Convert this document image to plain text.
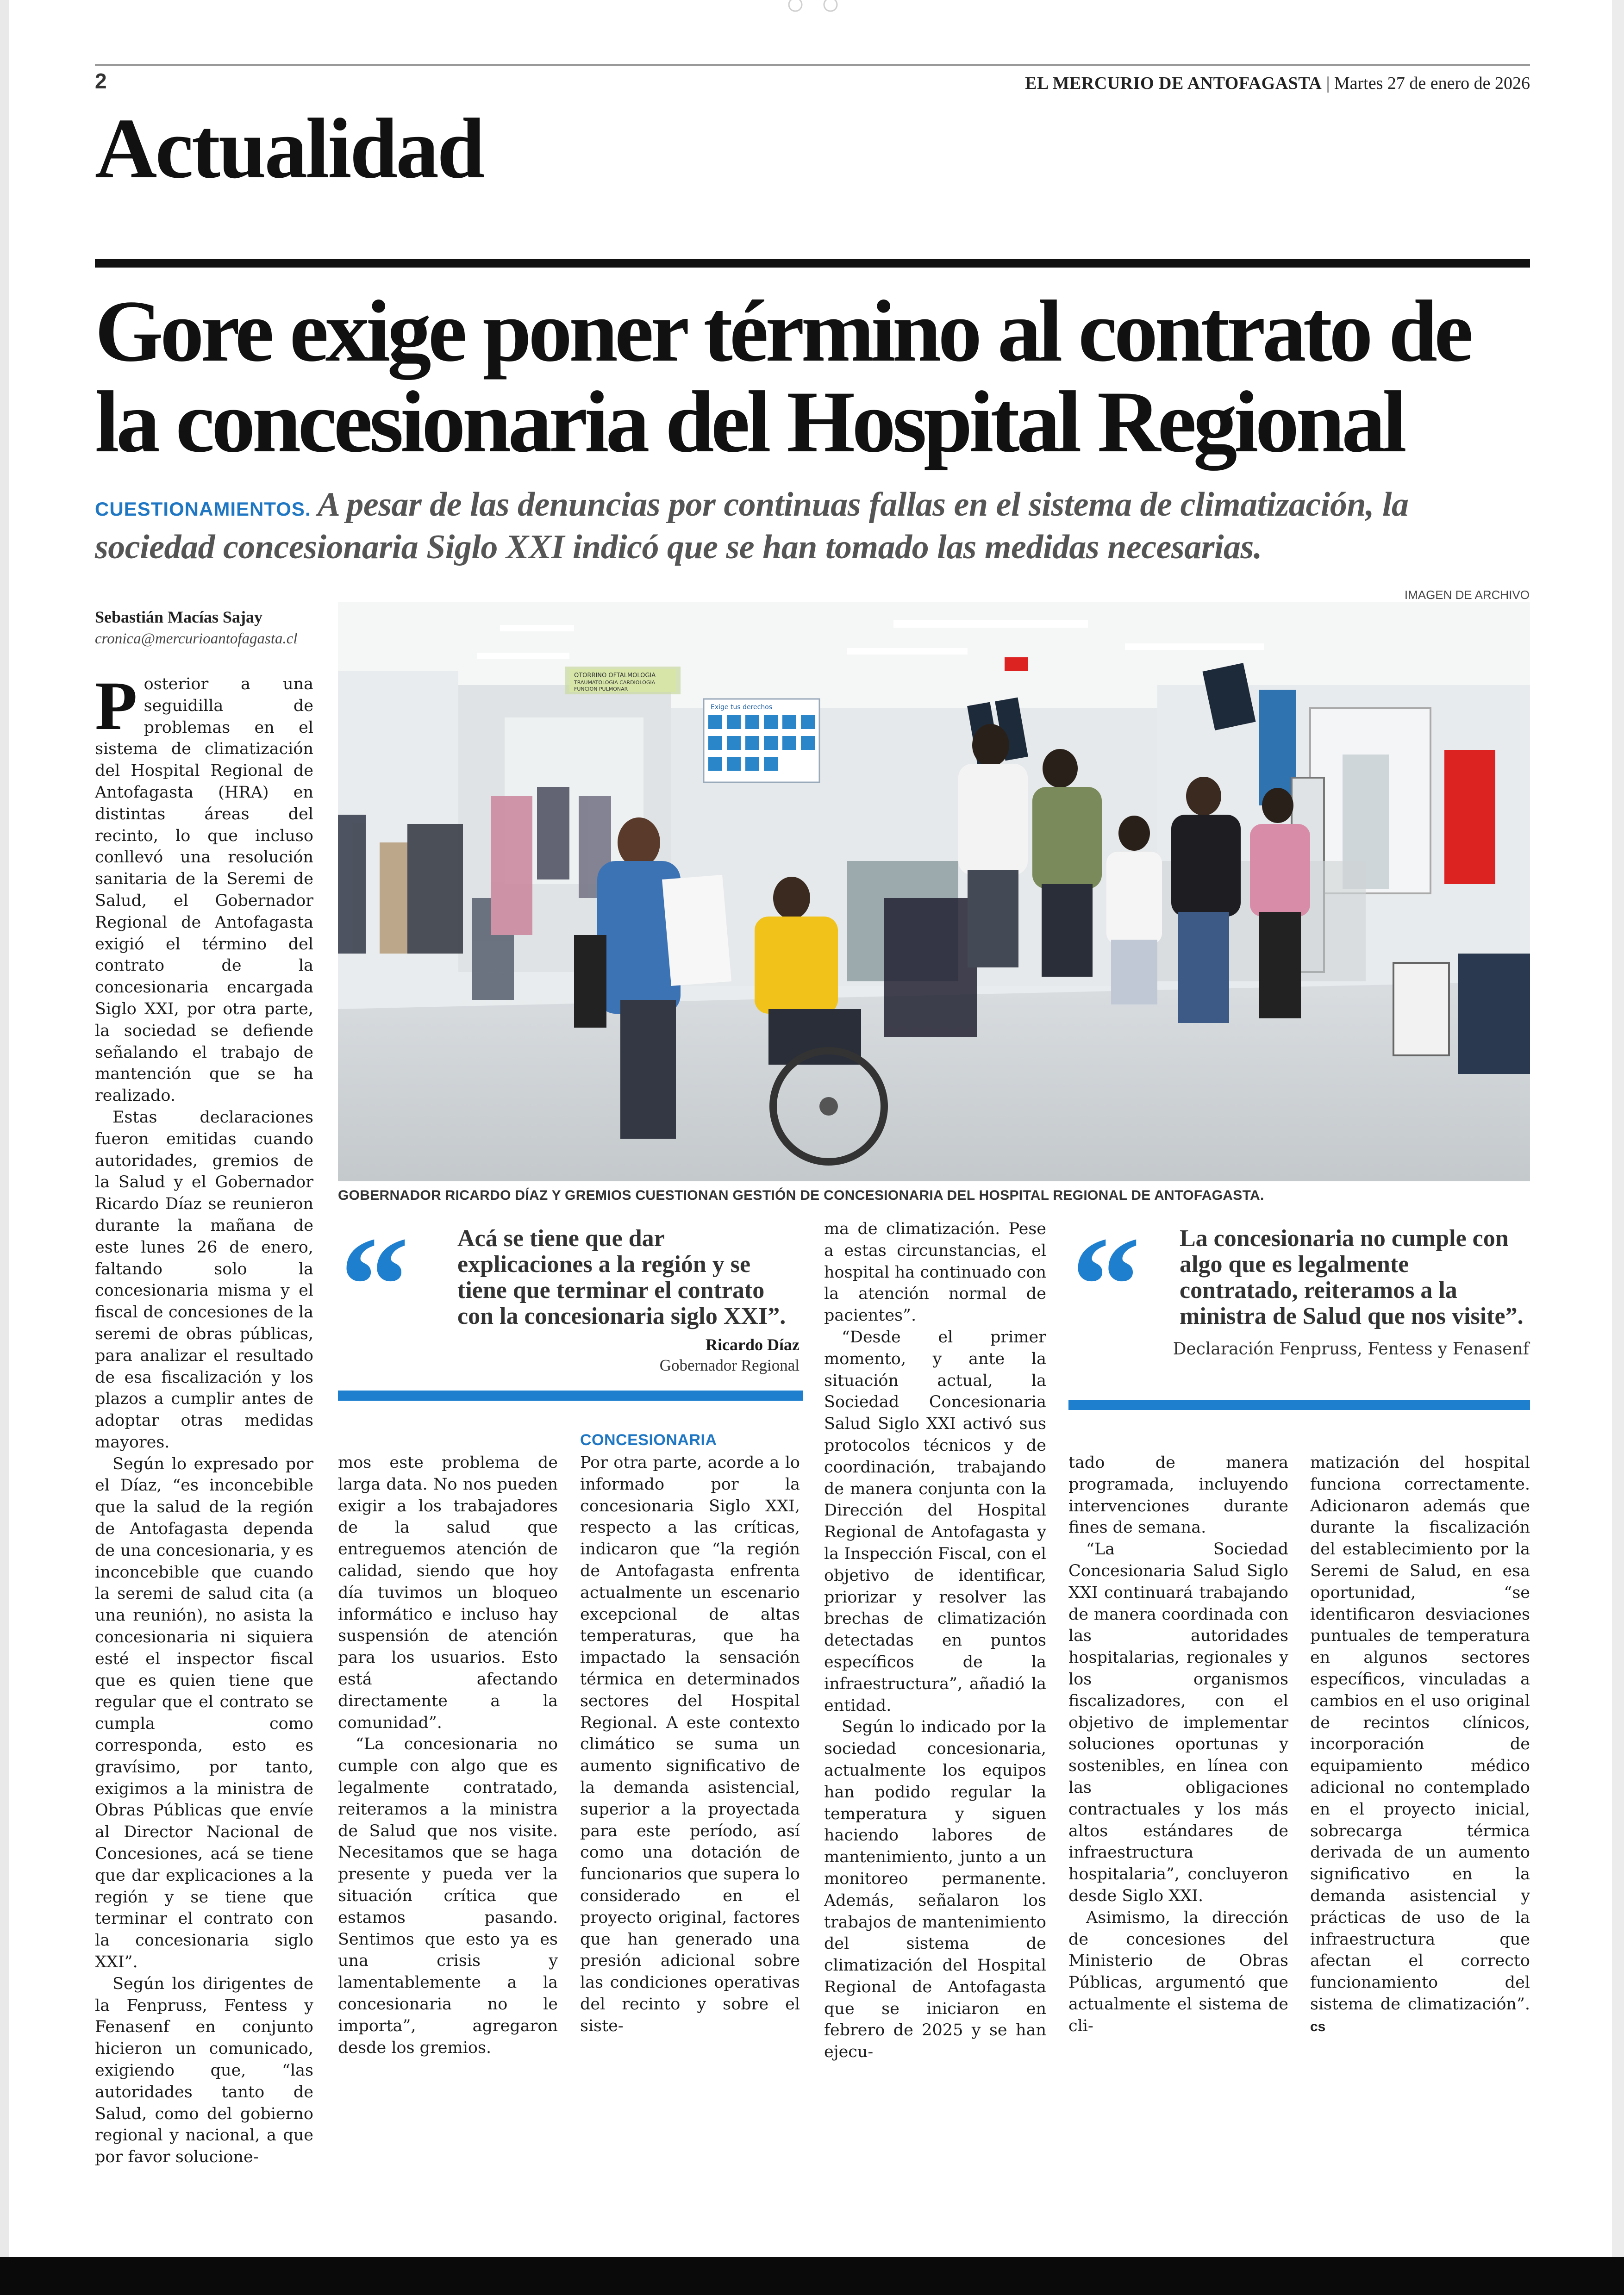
2	EL MERCURIO DE ANTOFAGASTA | Martes 27 de enero de 2026
Actualidad
Gore exige poner término al contrato de
la concesionaria del Hospital Regional
CUESTIONAMIENTOS. A pesar de las denuncias por continuas fallas en el sistema de climatización, la sociedad concesionaria Siglo XXI indicó que se han tomado las medidas necesarias.
Sebastián Macías Sajay
cronica@mercurioantofagasta.cl
IMAGEN DE ARCHIVO
OTORRINO OFTALMOLOGIA
TRAUMATOLOGIA CARDIOLOGIA
FUNCION PULMONAR
Exige tus derechos
GOBERNADOR RICARDO DÍAZ Y GREMIOS CUESTIONAN GESTIÓN DE CONCESIONARIA DEL HOSPITAL REGIONAL DE ANTOFAGASTA.

Posterior a una seguidilla de problemas en el sistema de climatización del Hospital Regional de Antofagasta (HRA) en distintas áreas del recinto, lo que incluso conllevó una resolución sanitaria de la Seremi de Salud, el Gobernador Regional de Antofagasta exigió el término del contrato de la concesionaria encargada Siglo XXI, por otra parte, la sociedad se defiende señalando el trabajo de mantención que se ha realizado.

Estas declaraciones fueron emitidas cuando autoridades, gremios de la Salud y el Gobernador Ricardo Díaz se reunieron durante la mañana de este lunes 26 de enero, faltando solo la concesionaria misma y el fiscal de concesiones de la seremi de obras públicas, para analizar el resultado de esa fiscalización y los plazos a cumplir antes de adoptar otras medidas mayores.

Según lo expresado por el Díaz, “es inconcebible que la salud de la región de Antofagasta dependa de una concesionaria, y es inconcebible que cuando la seremi de salud cita (a una reunión), no asista la concesionaria ni siquiera esté el inspector fiscal que es quien tiene que regular que el contrato se cumpla como corresponda, esto es gravísimo, por tanto, exigimos a la ministra de Obras Públicas que envíe al Director Nacional de Concesiones, acá se tiene que dar explicaciones a la región y se tiene que terminar el contrato con la concesionaria siglo XXI”.

Según los dirigentes de la Fenpruss, Fentess y Fenasenf en conjunto hicieron un comunicado, exigiendo que, “las autoridades tanto de Salud, como del gobierno regional y nacional, a que por favor solucione-

“ Acá se tiene que dar explicaciones a la región y se tiene que terminar el contrato con la concesionaria siglo XXI”.
Ricardo Díaz
Gobernador Regional
“ La concesionaria no cumple con algo que es legalmente contratado, reiteramos a la ministra de Salud que nos visite”.
Declaración Fenpruss, Fentess y Fenasenf

mos este problema de larga data. No nos pueden exigir a los trabajadores de la salud que entreguemos atención de calidad, siendo que hoy día tuvimos un bloqueo informático e incluso hay suspensión de atención para los usuarios. Esto está afectando directamente a la comunidad”.

“La concesionaria no cumple con algo que es legalmente contratado, reiteramos a la ministra de Salud que nos visite. Necesitamos que se haga presente y pueda ver la situación crítica que estamos pasando. Sentimos que esto ya es una crisis y lamentablemente a la concesionaria no le importa”, agregaron desde los gremios.

CONCESIONARIA

Por otra parte, acorde a lo informado por la concesionaria Siglo XXI, respecto a las críticas, indicaron que “la región de Antofagasta enfrenta actualmente un escenario excepcional de altas temperaturas, que ha impactado la sensación térmica en determinados sectores del Hospital Regional. A este contexto climático se suma un aumento significativo de la demanda asistencial, superior a la proyectada para este período, así como una dotación de funcionarios que supera lo considerado en el proyecto original, factores que han generado una presión adicional sobre las condiciones operativas del recinto y sobre el siste-

ma de climatización. Pese a estas circunstancias, el hospital ha continuado con la atención normal de pacientes”.

“Desde el primer momento, y ante la situación actual, la Sociedad Concesionaria Salud Siglo XXI activó sus protocolos técnicos y de coordinación, trabajando de manera conjunta con la Dirección del Hospital Regional de Antofagasta y la Inspección Fiscal, con el objetivo de identificar, priorizar y resolver las brechas de climatización detectadas en puntos específicos de la infraestructura”, añadió la entidad.

Según lo indicado por la sociedad concesionaria, actualmente los equipos han podido regular la temperatura y siguen haciendo labores de mantenimiento, junto a un monitoreo permanente. Además, señalaron los trabajos de mantenimiento del sistema de climatización del Hospital Regional de Antofagasta que se iniciaron en febrero de 2025 y se han ejecu-

tado de manera programada, incluyendo intervenciones durante fines de semana.

“La Sociedad Concesionaria Salud Siglo XXI continuará trabajando de manera coordinada con las autoridades hospitalarias, regionales y los organismos fiscalizadores, con el objetivo de implementar soluciones oportunas y sostenibles, en línea con las obligaciones contractuales y los más altos estándares de infraestructura hospitalaria”, concluyeron desde Siglo XXI.

Asimismo, la dirección de concesiones del Ministerio de Obras Públicas, argumentó que actualmente el sistema de cli-

matización del hospital funciona correctamente. Adicionaron además que durante la fiscalización del establecimiento por la Seremi de Salud, en esa oportunidad, “se identificaron desviaciones puntuales de temperatura en algunos sectores específicos, vinculadas a cambios en el uso original de recintos clínicos, incorporación de equipamiento médico adicional no contemplado en el proyecto inicial, sobrecarga térmica derivada de un aumento significativo en la demanda asistencial y prácticas de uso de la infraestructura que afectan el correcto funcionamiento del sistema de climatización”. cs
